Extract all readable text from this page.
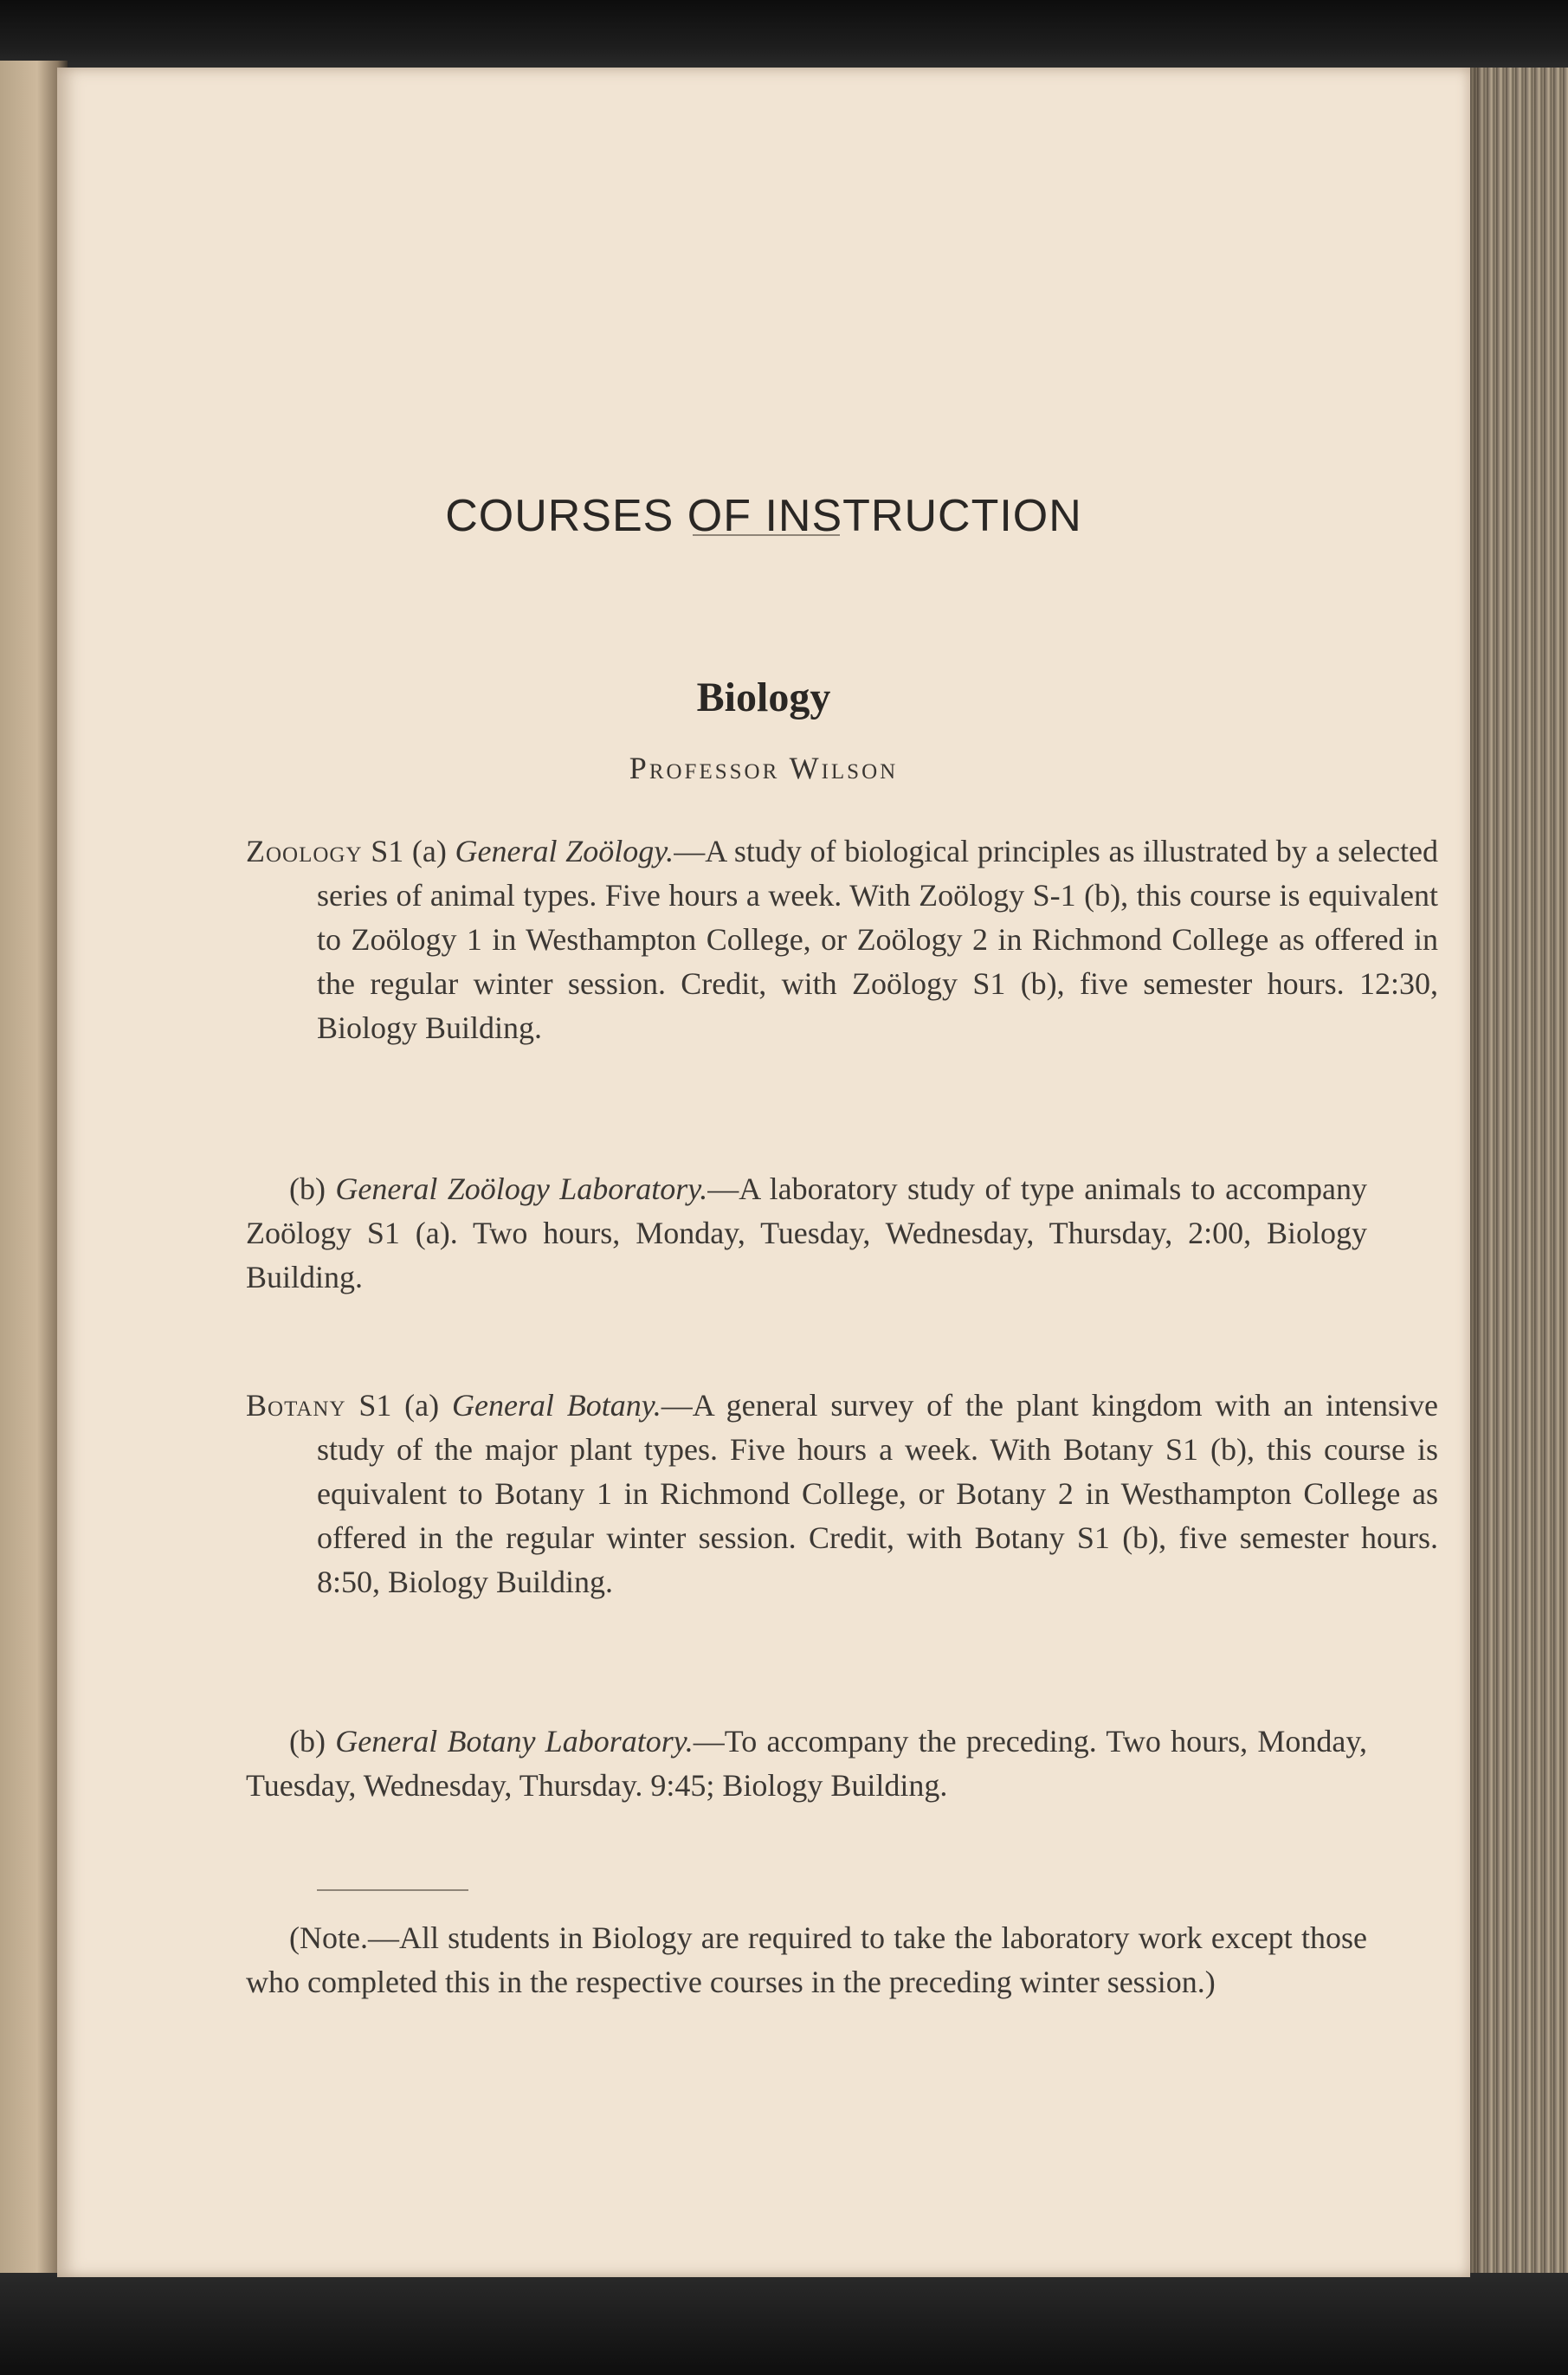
COURSES OF INSTRUCTION
Biology
Professor Wilson

Zoology S1 (a) General Zoölogy.—A study of biological principles as illustrated by a selected series of animal types. Five hours a week. With Zoölogy S-1 (b), this course is equivalent to Zoölogy 1 in Westhampton College, or Zoölogy 2 in Richmond College as offered in the regular winter session. Credit, with Zoölogy S1 (b), five semester hours. 12:30, Biology Building.

(b) General Zoölogy Laboratory.—A laboratory study of type animals to accompany Zoölogy S1 (a). Two hours, Monday, Tuesday, Wednesday, Thursday, 2:00, Biology Building.

Botany S1 (a) General Botany.—A general survey of the plant kingdom with an intensive study of the major plant types. Five hours a week. With Botany S1 (b), this course is equivalent to Botany 1 in Richmond College, or Botany 2 in Westhampton College as offered in the regular winter session. Credit, with Botany S1 (b), five semester hours. 8:50, Biology Building.

(b) General Botany Laboratory.—To accompany the preceding. Two hours, Monday, Tuesday, Wednesday, Thursday. 9:45; Biology Building.

(Note.—All students in Biology are required to take the laboratory work except those who completed this in the respective courses in the preceding winter session.)
